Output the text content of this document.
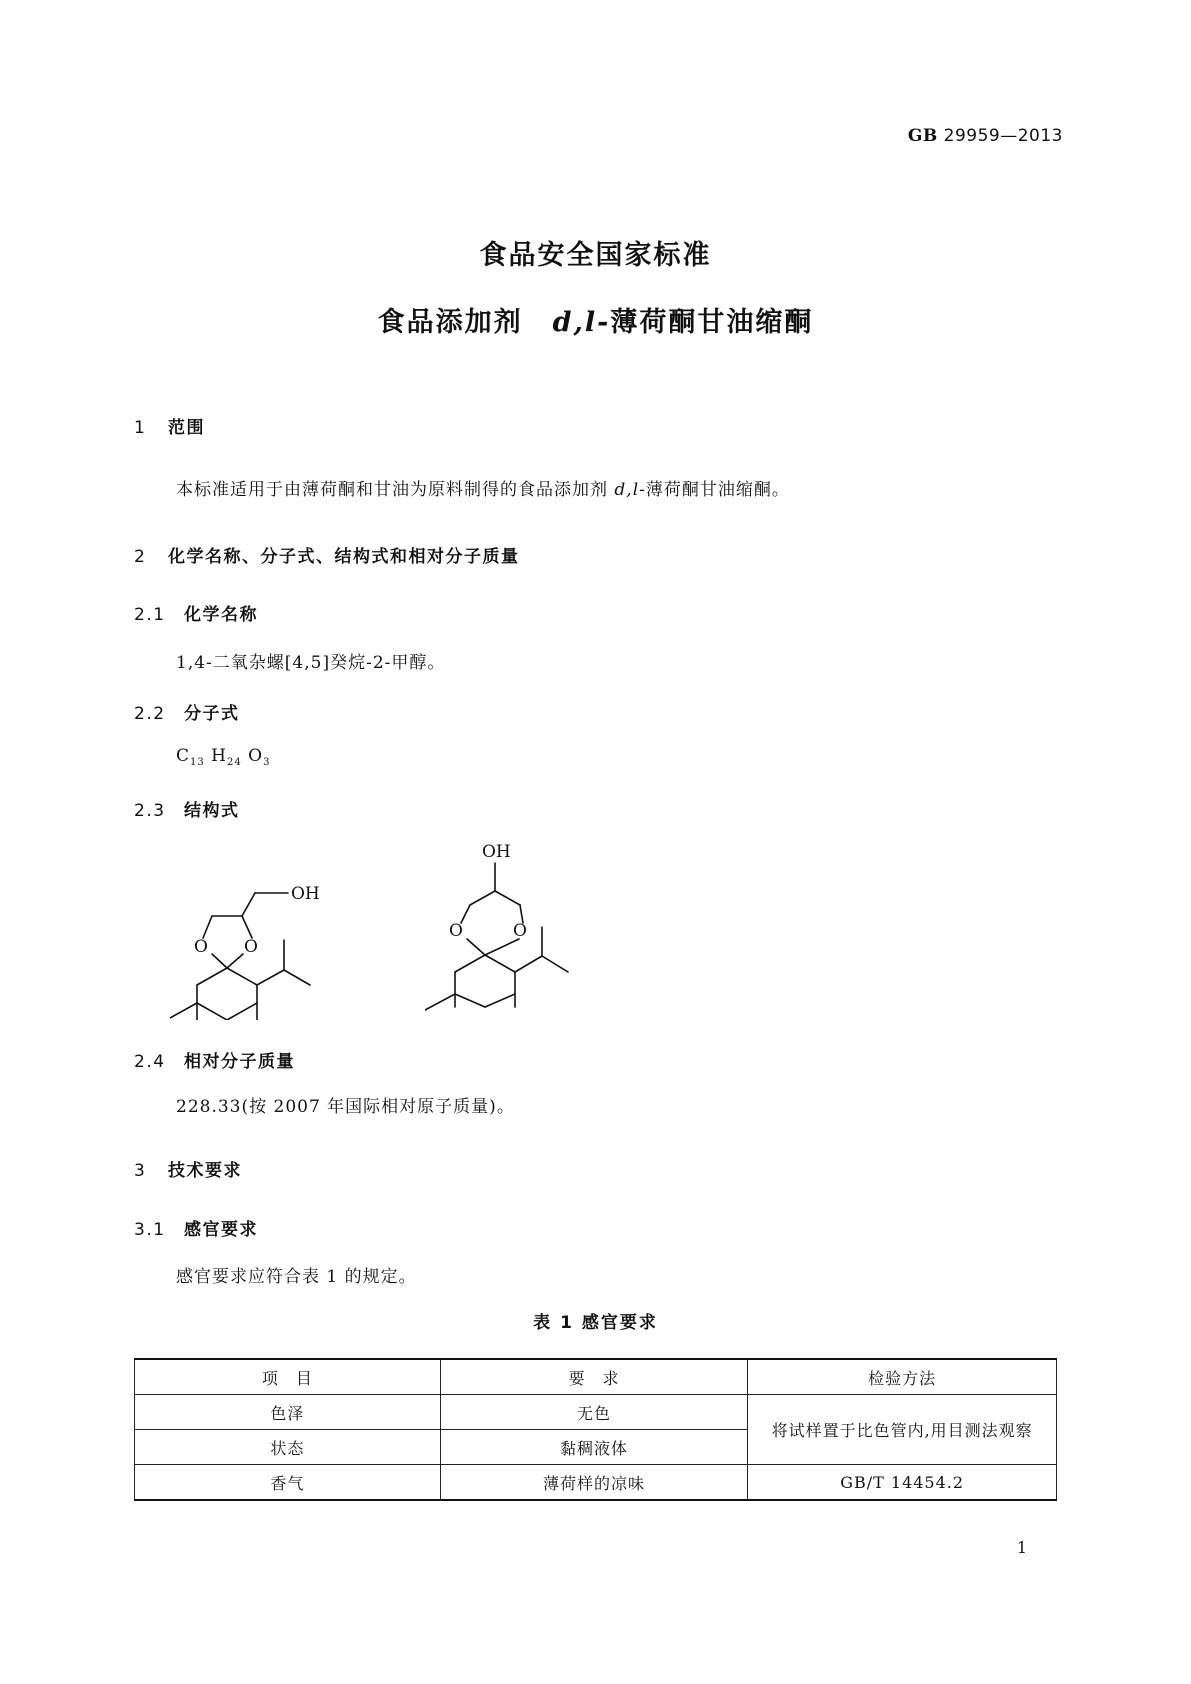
GB 29959—2013
食品安全国家标准
食品添加剂 d,l-薄荷酮甘油缩酮
1 范围
本标准适用于由薄荷酮和甘油为原料制得的食品添加剂 d,l-薄荷酮甘油缩酮。
2 化学名称、分子式、结构式和相对分子质量
2.1 化学名称
1,4-二氧杂螺[4,5]癸烷-2-甲醇。
2.2 分子式
$C_{13}$ $H_{24}$ $O_3$
2.3 结构式
OH
O O
OH
O	O
2.4 相对分子质量
228.33(按 2007 年国际相对原子质量)。
3 技术要求
3.1 感官要求
感官要求应符合表 1 的规定。
表 1 感官要求
项　目	要　求	检验方法
色泽	无色	将试样置于比色管内,用目测法观察
状态	黏稠液体	
香气	薄荷样的凉味	GB/T 14454.2
1
